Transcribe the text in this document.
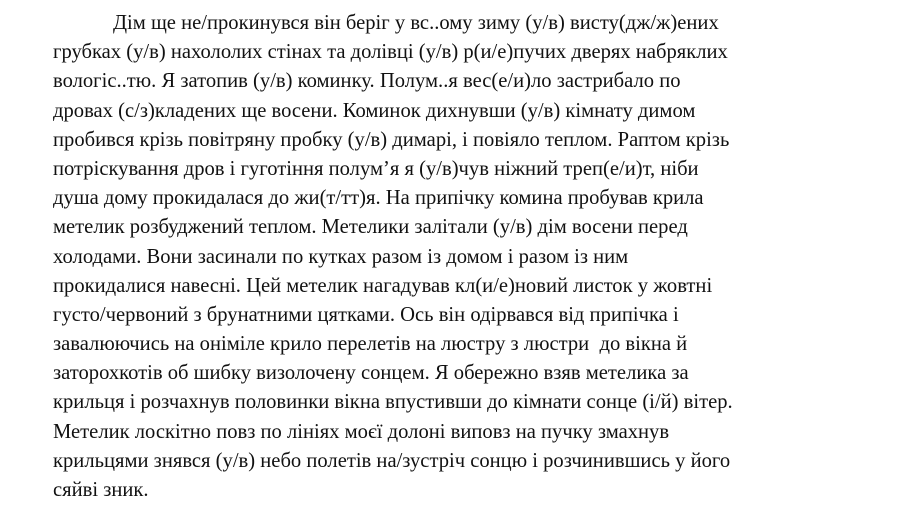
Дім ще не/прокинувся він беріг у вс..ому зиму (у/в) висту(дж/ж)ених
грубках (у/в) нахололих стінах та долівці (у/в) р(и/е)пучих дверях набряклих
вологіс..тю. Я затопив (у/в) коминку. Полум..я вес(е/и)ло застрибало по
дровах (с/з)кладених ще восени. Коминок дихнувши (у/в) кімнату димом
пробився крізь повітряну пробку (у/в) димарі, і повіяло теплом. Раптом крізь
потріскування дров і гуготіння полум’я я (у/в)чув ніжний треп(е/и)т, ніби
душа дому прокидалася до жи(т/тт)я. На припічку комина пробував крила
метелик розбуджений теплом. Метелики залітали (у/в) дім восени перед
холодами. Вони засинали по кутках разом із домом і разом із ним
прокидалися навесні. Цей метелик нагадував кл(и/е)новий листок у жовтні
густо/червоний з брунатними цятками. Ось він одірвався від припічка і
завалюючись на оніміле крило перелетів на люстру з люстри  до вікна й
заторохкотів об шибку визолочену сонцем. Я обережно взяв метелика за
крильця і розчахнув половинки вікна впустивши до кімнати сонце (і/й) вітер.
Метелик лоскітно повз по лініях моєї долоні виповз на пучку змахнув
крильцями знявся (у/в) небо полетів на/зустріч сонцю і розчинившись у його
сяйві зник.
